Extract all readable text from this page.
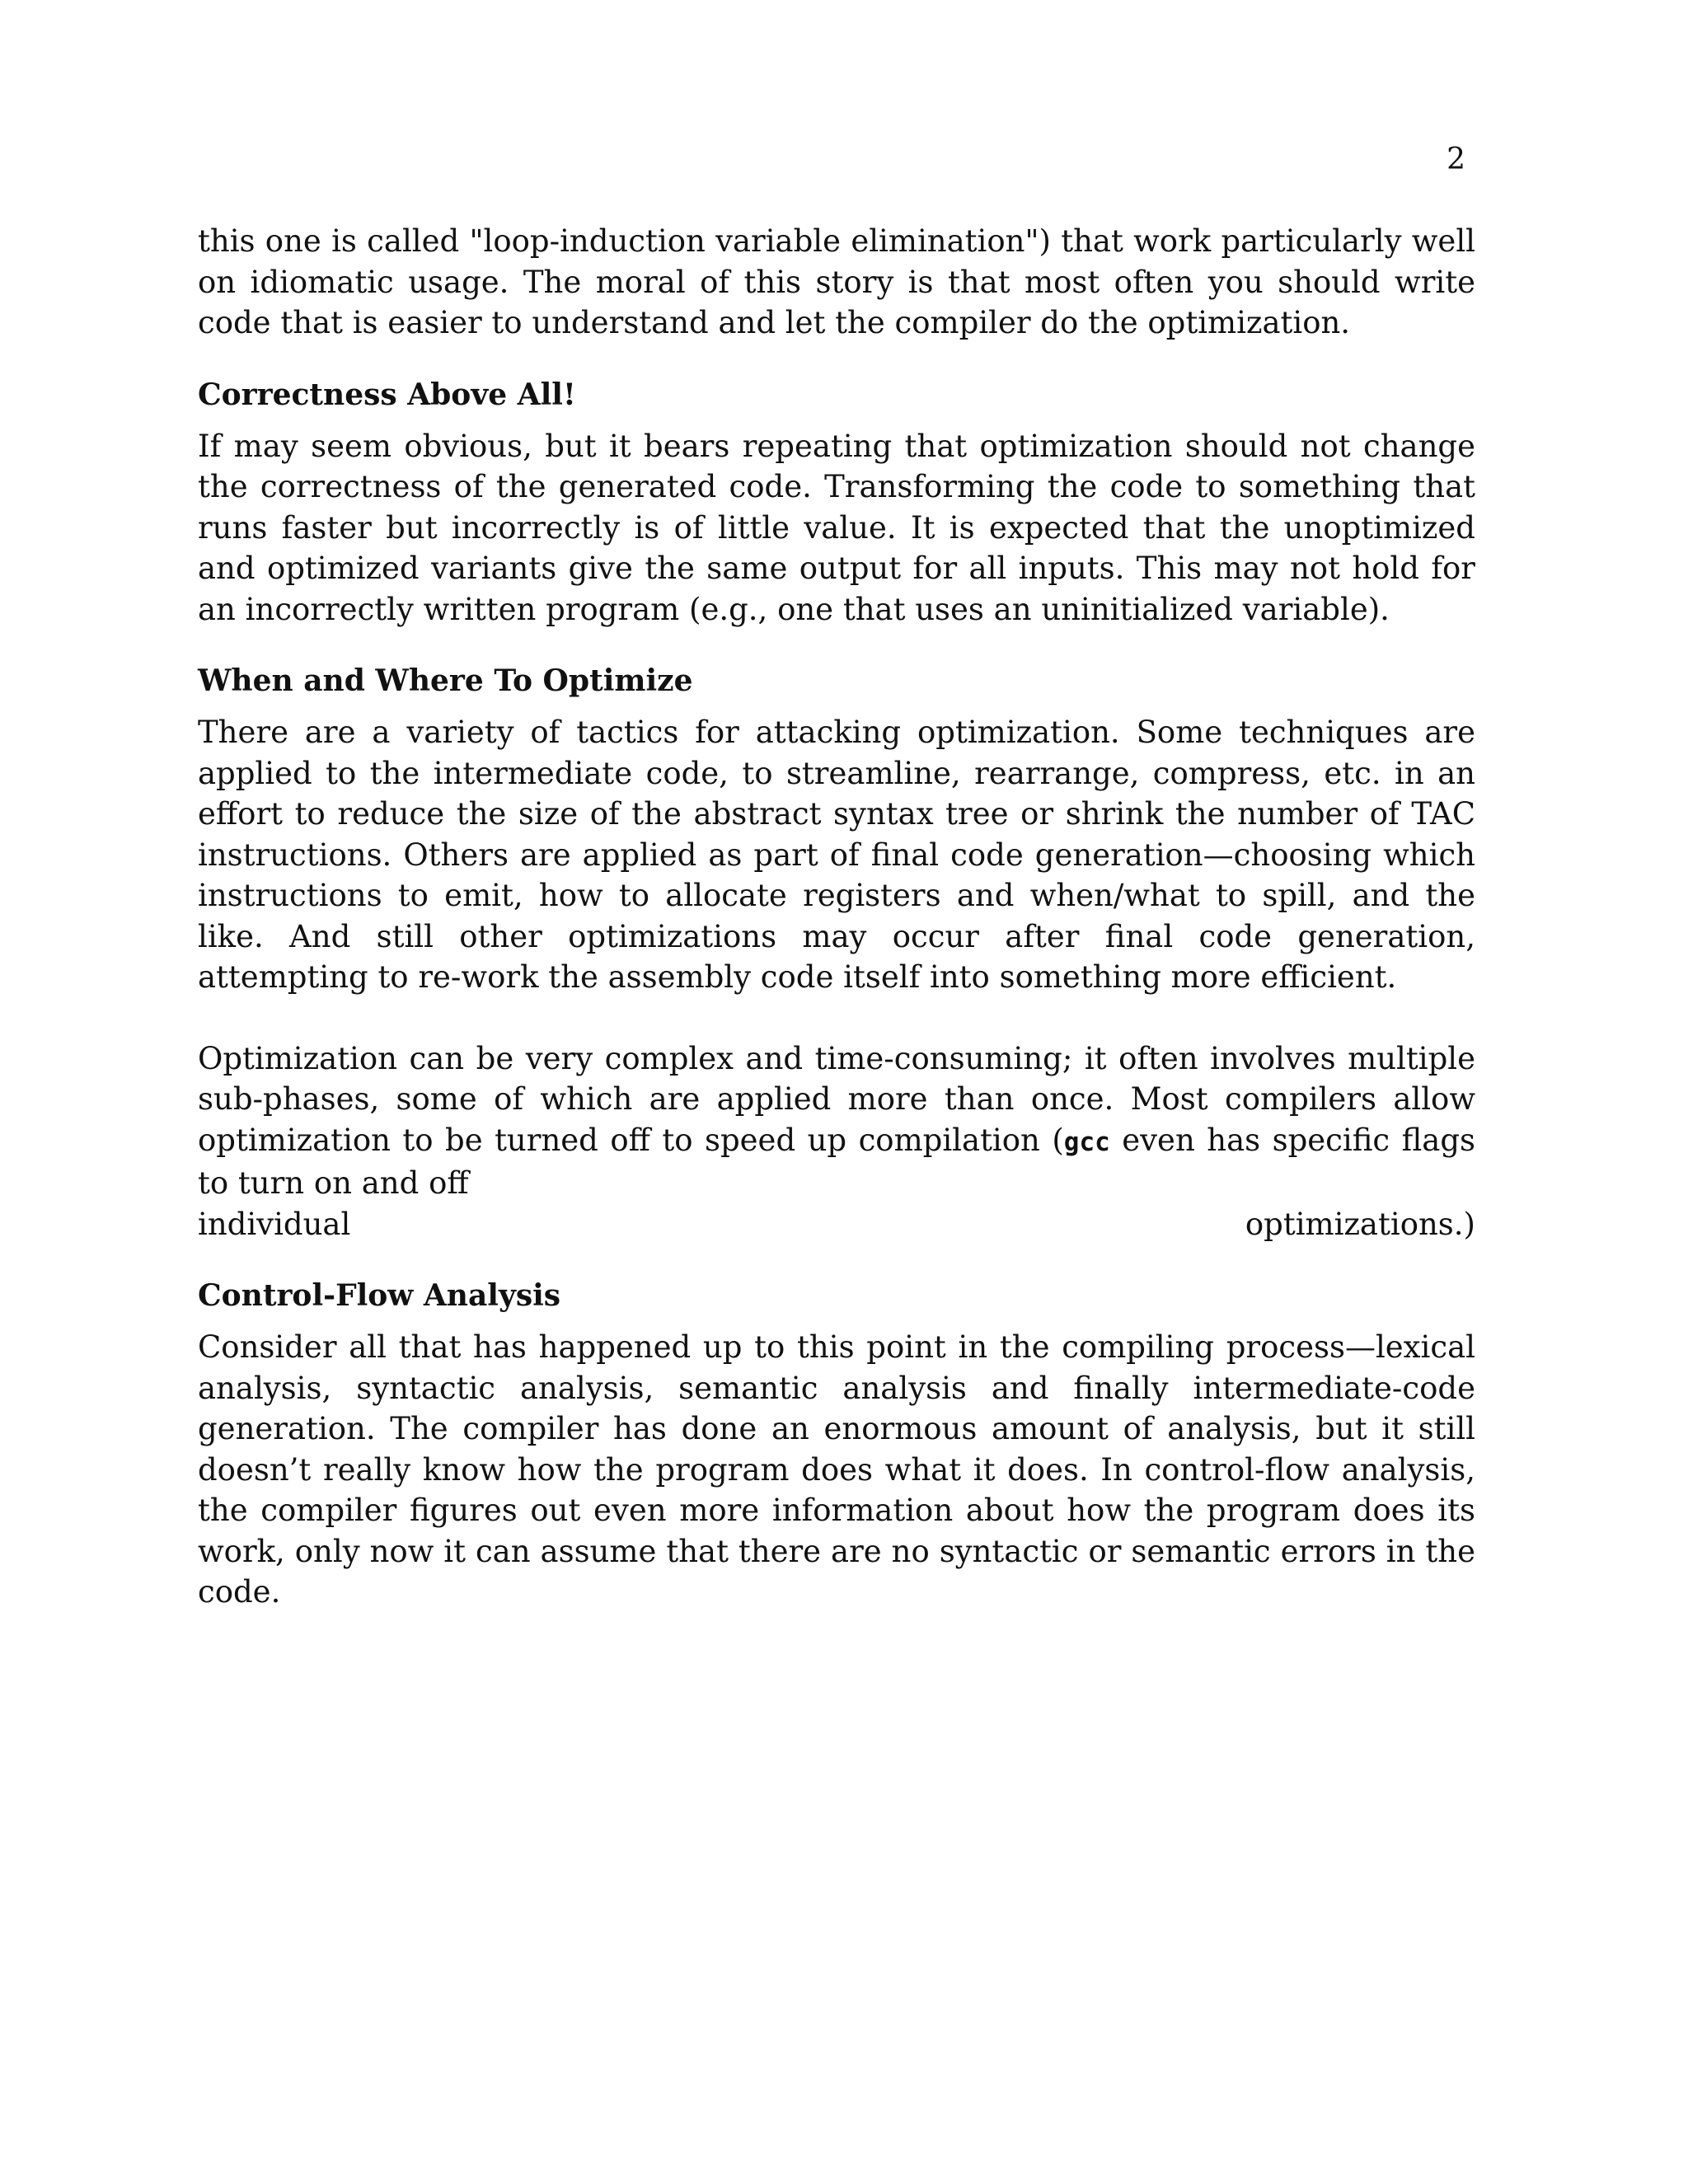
2

this one is called "loop-induction variable elimination") that work particularly well on idiomatic usage. The moral of this story is that most often you should write code that is easier to understand and let the compiler do the optimization.

Correctness Above All!

If may seem obvious, but it bears repeating that optimization should not change the correctness of the generated code. Transforming the code to something that runs faster but incorrectly is of little value. It is expected that the unoptimized and optimized variants give the same output for all inputs. This may not hold for an incorrectly written program (e.g., one that uses an uninitialized variable).

When and Where To Optimize

There are a variety of tactics for attacking optimization. Some techniques are applied to the intermediate code, to streamline, rearrange, compress, etc. in an effort to reduce the size of the abstract syntax tree or shrink the number of TAC instructions. Others are applied as part of final code generation—choosing which instructions to emit, how to allocate registers and when/what to spill, and the like. And still other optimizations may occur after final code generation, attempting to re-work the assembly code itself into something more efficient.

Optimization can be very complex and time-consuming; it often involves multiple sub-phases, some of which are applied more than once. Most compilers allow optimization to be turned off to speed up compilation (gcc even has specific flags to turn on and off

individual	optimizations.)
Control-Flow Analysis

Consider all that has happened up to this point in the compiling process—lexical analysis, syntactic analysis, semantic analysis and finally intermediate-code generation. The compiler has done an enormous amount of analysis, but it still doesn’t really know how the program does what it does. In control-flow analysis, the compiler figures out even more information about how the program does its work, only now it can assume that there are no syntactic or semantic errors in the code.
